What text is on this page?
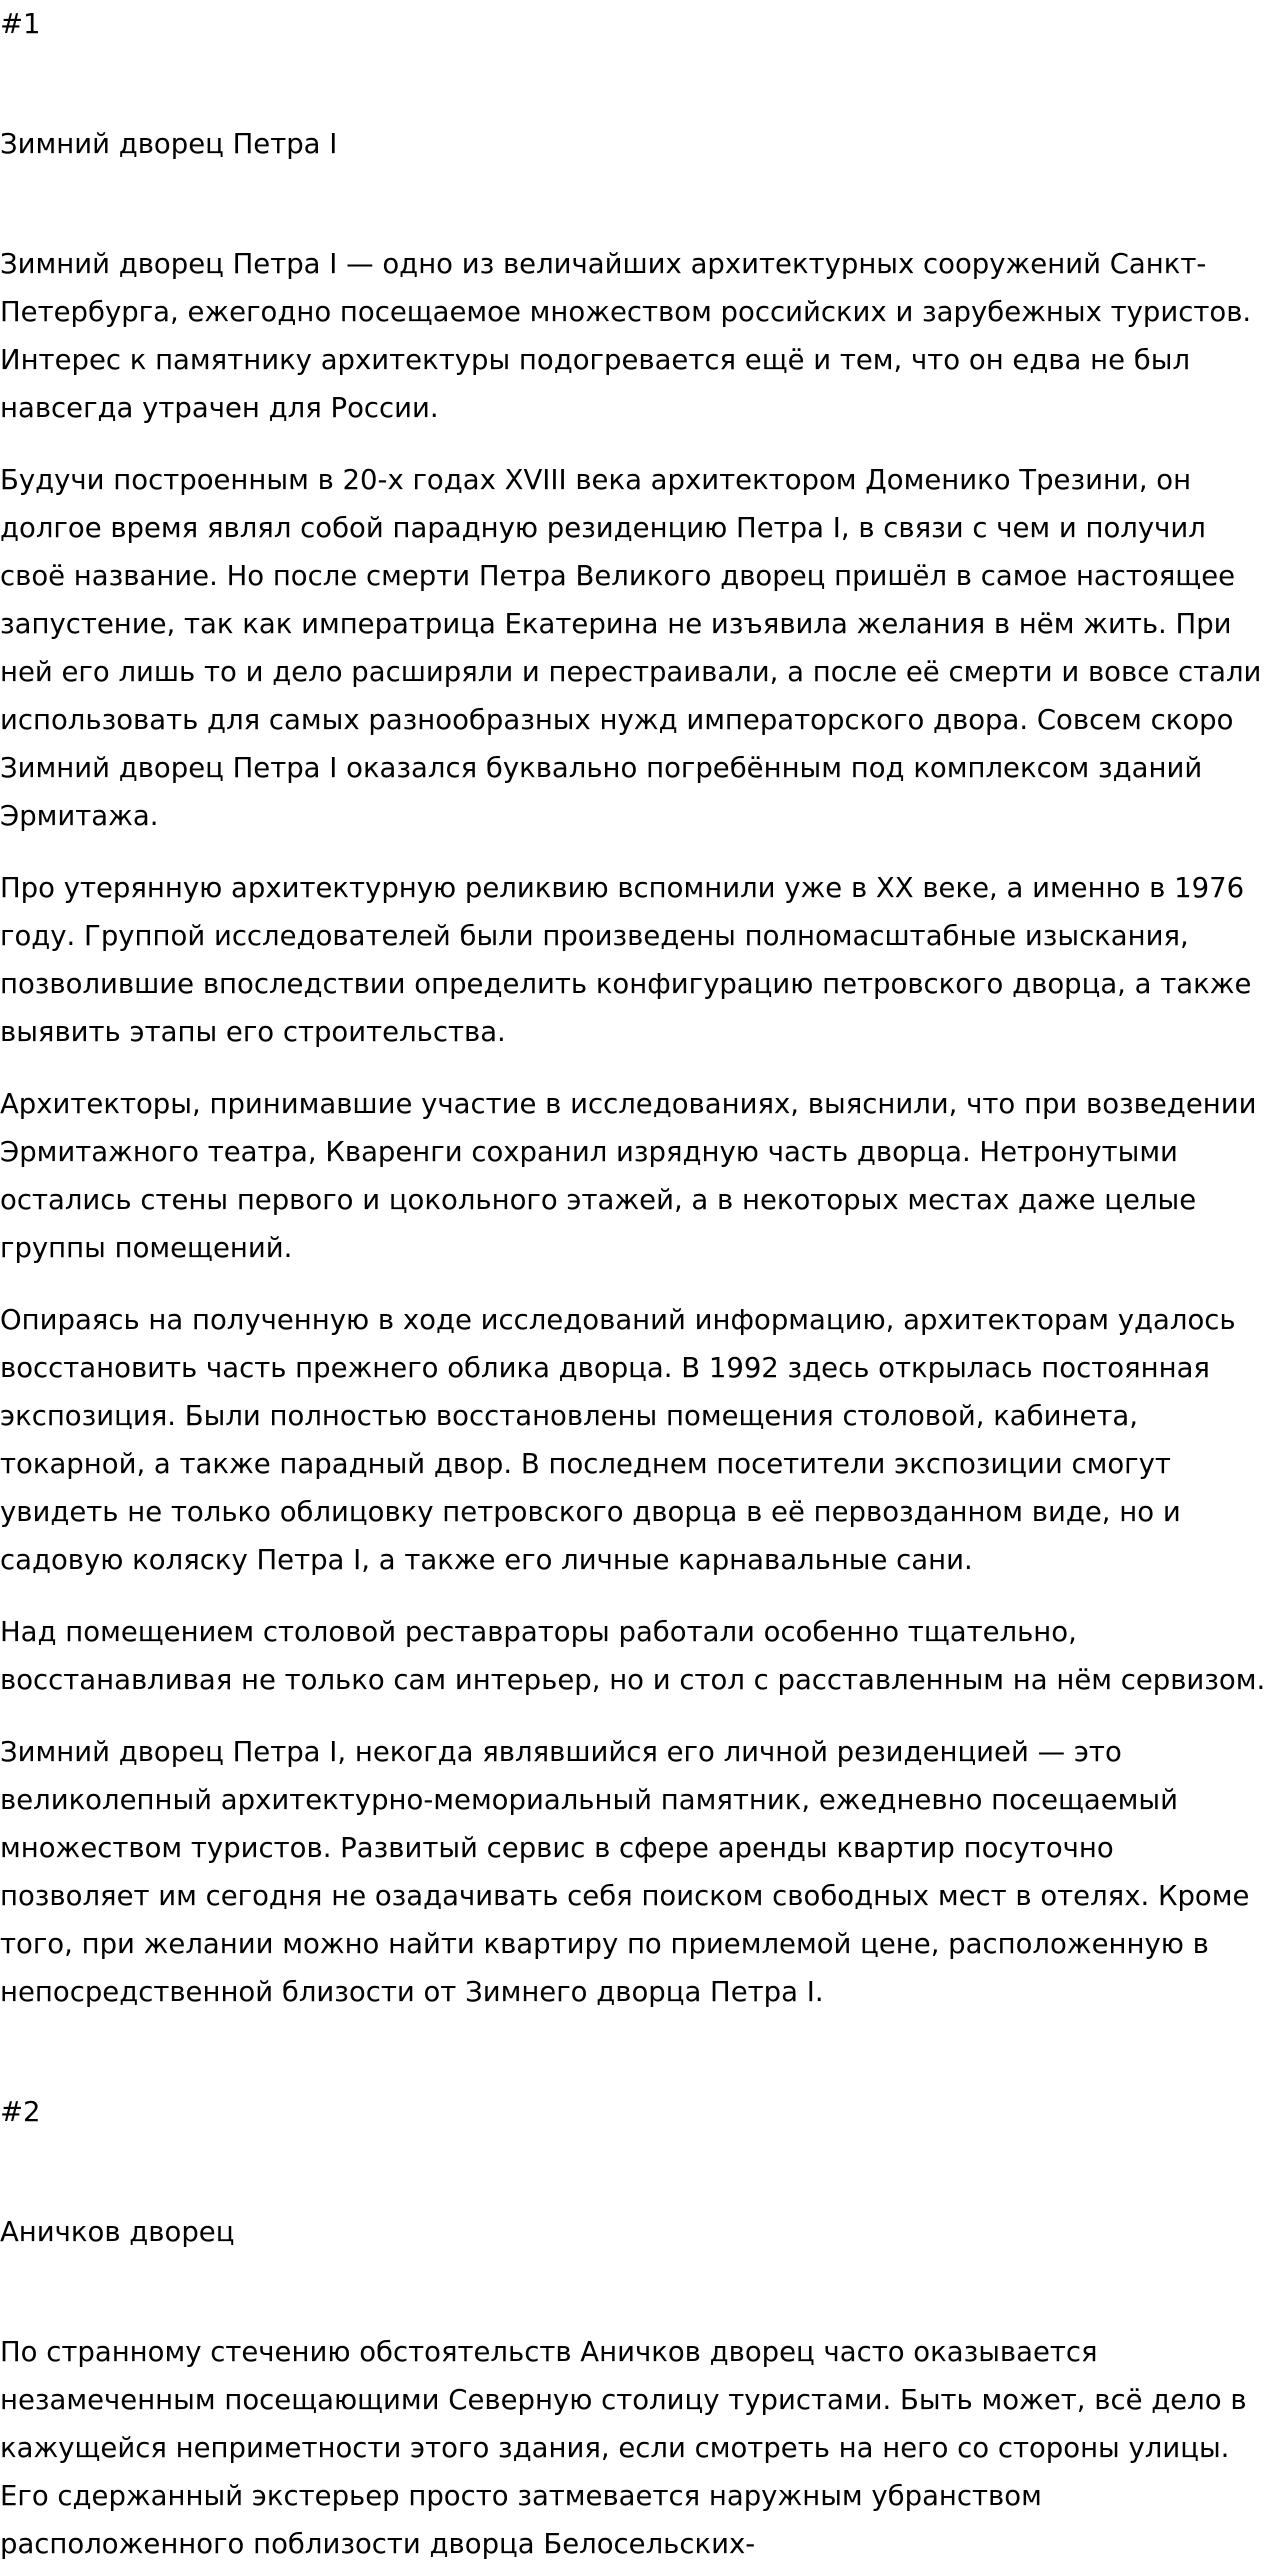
#1
Зимний дворец Петра I

Зимний дворец Петра I — одно из величайших архитектурных сооружений Санкт-Петербурга, ежегодно посещаемое множеством российских и зарубежных туристов. Интерес к памятнику архитектуры подогревается ещё и тем, что он едва не был навсегда утрачен для России.

Будучи построенным в 20-х годах XVIII века архитектором Доменико Трезини, он долгое время являл собой парадную резиденцию Петра I, в связи с чем и получил своё название. Но после смерти Петра Великого дворец пришёл в самое настоящее запустение, так как императрица Екатерина не изъявила желания в нём жить. При ней его лишь то и дело расширяли и перестраивали, а после её смерти и вовсе стали использовать для самых разнообразных нужд императорского двора. Совсем скоро Зимний дворец Петра I оказался буквально погребённым под комплексом зданий Эрмитажа.

Про утерянную архитектурную реликвию вспомнили уже в XX веке, а именно в 1976 году. Группой исследователей были произведены полномасштабные изыскания, позволившие впоследствии определить конфигурацию петровского дворца, а также выявить этапы его строительства.

Архитекторы, принимавшие участие в исследованиях, выяснили, что при возведении Эрмитажного театра, Кваренги сохранил изрядную часть дворца. Нетронутыми остались стены первого и цокольного этажей, а в некоторых местах даже целые группы помещений.

Опираясь на полученную в ходе исследований информацию, архитекторам удалось восстановить часть прежнего облика дворца. В 1992 здесь открылась постоянная экспозиция. Были полностью восстановлены помещения столовой, кабинета, токарной, а также парадный двор. В последнем посетители экспозиции смогут увидеть не только облицовку петровского дворца в её первозданном виде, но и садовую коляску Петра I, а также его личные карнавальные сани.

Над помещением столовой реставраторы работали особенно тщательно, восстанавливая не только сам интерьер, но и стол с расставленным на нём сервизом.

Зимний дворец Петра I, некогда являвшийся его личной резиденцией — это великолепный архитектурно-мемориальный памятник, ежедневно посещаемый множеством туристов. Развитый сервис в сфере аренды квартир посуточно позволяет им сегодня не озадачивать себя поиском свободных мест в отелях. Кроме того, при желании можно найти квартиру по приемлемой цене, расположенную в непосредственной близости от Зимнего дворца Петра I.

#2
Аничков дворец

По странному стечению обстоятельств Аничков дворец часто оказывается незамеченным посещающими Северную столицу туристами. Быть может, всё дело в кажущейся неприметности этого здания, если смотреть на него со стороны улицы. Его сдержанный экстерьер просто затмевается наружным убранством расположенного поблизости дворца Белосельских-
